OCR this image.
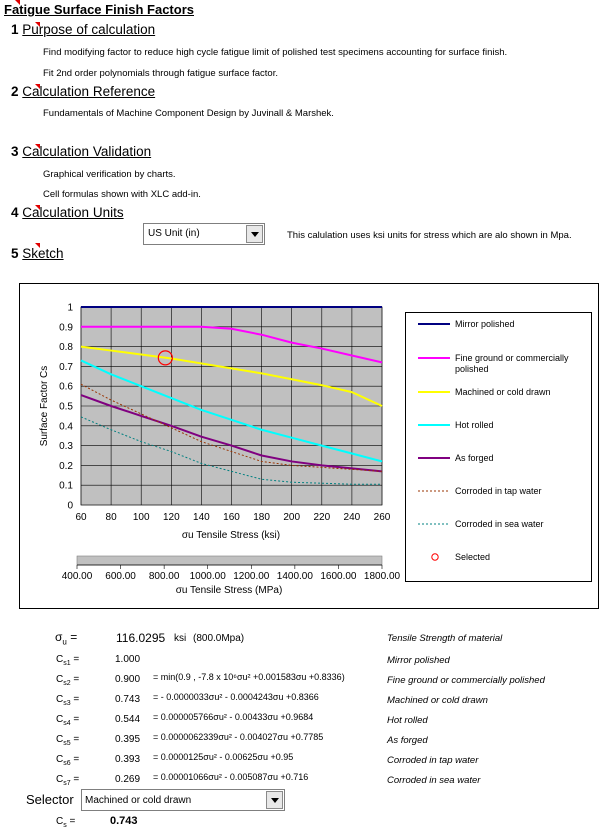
Fatigue Surface Finish Factors
1 Purpose of calculation
Find modifying factor to reduce high cycle fatigue limit of polished test specimens accounting for surface finish.
Fit 2nd order polynomials through fatigue surface factor.
2 Calculation Reference
Fundamentals of Machine Component Design by Juvinall & Marshek.
3 Calculation Validation
Graphical verification by charts.
Cell formulas shown with XLC add-in.
4 Calculation Units
US Unit (in)	This calulation uses ksi units for stress which are alo shown in Mpa.
5 Sketch
0
0.1
0.2
0.3
0.4
0.5
0.6
0.7
0.8
0.9
1
60 80 100 120 140 160 180 200 220 240 260
400.00 600.00 800.00 1000.00 1200.00 1400.00 1600.00 1800.00
Surface Factor Cs
σu Tensile Stress (ksi)
σu Tensile Stress (MPa)
Mirror polished
Fine ground or commercially polished
Machined or cold drawn
Hot rolled
As forged
Corroded in tap water
Corroded in sea water
Selected
$\sigma_u$ =	116.0295 ksi (800.0Mpa)	Tensile Strength of material
$C_{s1}$ =	1.000	Mirror polished
$C_{s2}$ =	0.900 = min(0.9 , -7.8 x 10⁶σu² +0.001583σu +0.8336)	Fine ground or commercially polished
$C_{s3}$ =	0.743 = - 0.0000033σu² - 0.0004243σu +0.8366	Machined or cold drawn
$C_{s4}$ =	0.544 = 0.000005766σu² - 0.00433σu +0.9684	Hot rolled
$C_{s5}$ =	0.395 = 0.0000062339σu² - 0.004027σu +0.7785	As forged
$C_{s6}$ =	0.393 = 0.0000125σu² - 0.00625σu +0.95	Corroded in tap water
$C_{s7}$ =	0.269 = 0.00001066σu² - 0.005087σu +0.716	Corroded in sea water
Selector Machined or cold drawn
$C_s$ =	0.743
